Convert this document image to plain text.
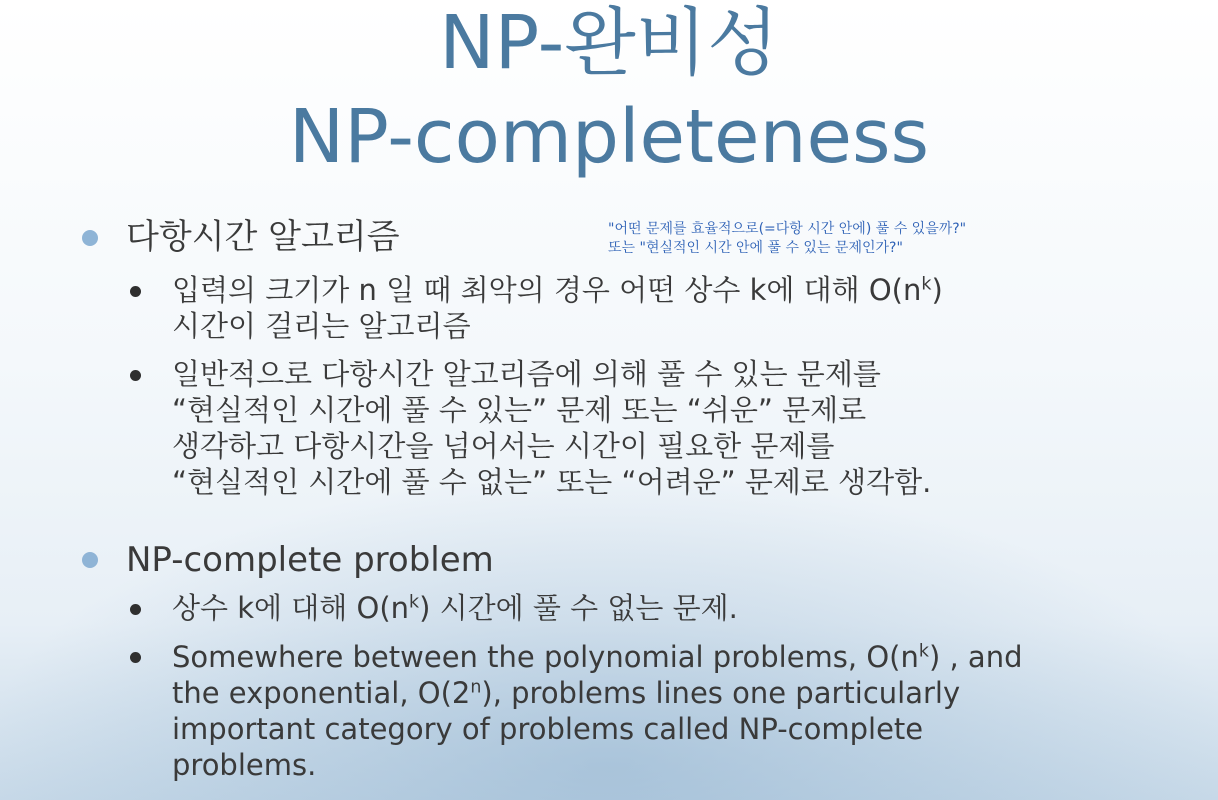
NP-완비성
NP-completeness
"어떤 문제를 효율적으로(=다항 시간 안에) 풀 수 있을까?"
또는 "현실적인 시간 안에 풀 수 있는 문제인가?"
다항시간 알고리즘
입력의 크기가 n 일 때 최악의 경우 어떤 상수 k에 대해 $O(n^k)$
시간이 걸리는 알고리즘
일반적으로 다항시간 알고리즘에 의해 풀 수 있는 문제를
“현실적인 시간에 풀 수 있는” 문제 또는 “쉬운” 문제로
생각하고 다항시간을 넘어서는 시간이 필요한 문제를
“현실적인 시간에 풀 수 없는” 또는 “어려운” 문제로 생각함.
NP-complete problem
상수 k에 대해 $O(n^k)$ 시간에 풀 수 없는 문제.
Somewhere between the polynomial problems, $O(n^k)$ , and
the exponential, O(2$^n$), problems lines one particularly
important category of problems called NP-complete
problems.
